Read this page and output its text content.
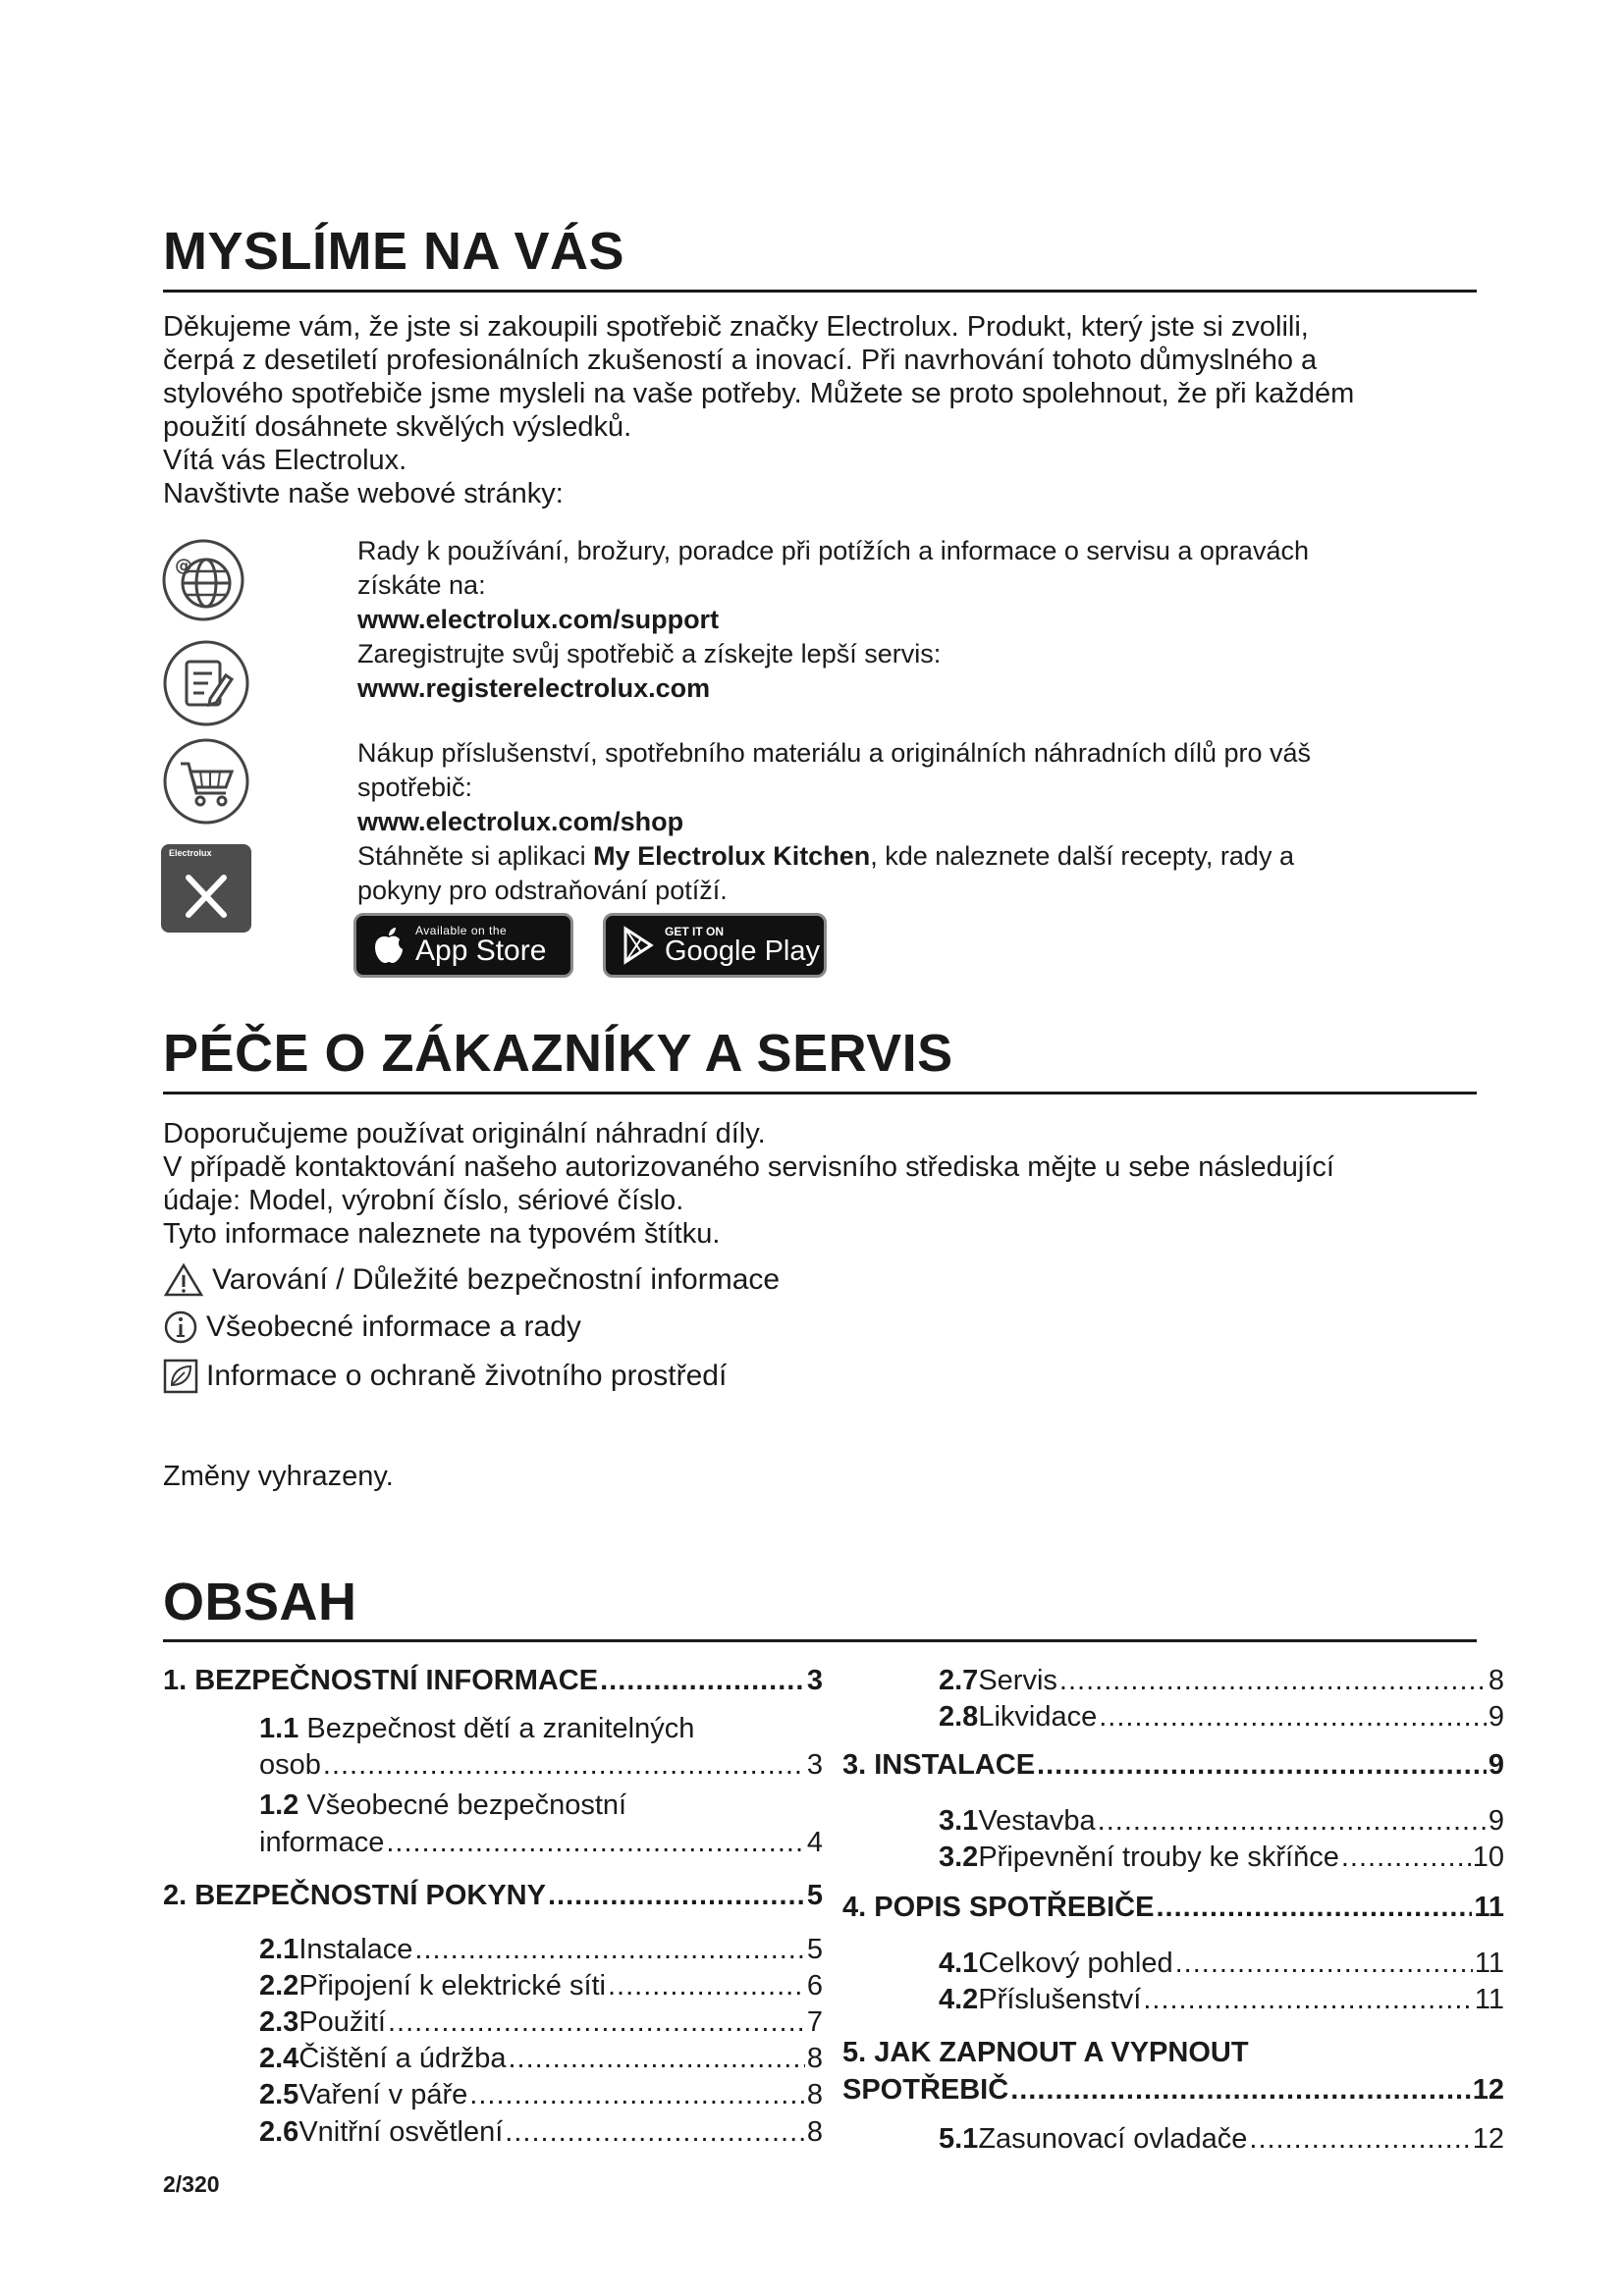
MYSLÍME NA VÁS
Děkujeme vám, že jste si zakoupili spotřebič značky Electrolux. Produkt, který jste si zvolili,
čerpá z desetiletí profesionálních zkušeností a inovací. Při navrhování tohoto důmyslného a
stylového spotřebiče jsme mysleli na vaše potřeby. Můžete se proto spolehnout, že při každém
použití dosáhnete skvělých výsledků.
Vítá vás Electrolux.
Navštivte naše webové stránky:
@
Electrolux
Rady k používání, brožury, poradce při potížích a informace o servisu a opravách
získáte na:
www.electrolux.com/support
Zaregistrujte svůj spotřebič a získejte lepší servis:
www.registerelectrolux.com
Nákup příslušenství, spotřebního materiálu a originálních náhradních dílů pro váš
spotřebič:
www.electrolux.com/shop
Stáhněte si aplikaci My Electrolux Kitchen, kde naleznete další recepty, rady a
pokyny pro odstraňování potíží.
Available on the
App Store
GET IT ON
Google Play
PÉČE O ZÁKAZNÍKY A SERVIS
Doporučujeme používat originální náhradní díly.
V případě kontaktování našeho autorizovaného servisního střediska mějte u sebe následující
údaje: Model, výrobní číslo, sériové číslo.
Tyto informace naleznete na typovém štítku.
Varování / Důležité bezpečnostní informace
Všeobecné informace a rady
Informace o ochraně životního prostředí
Změny vyhrazeny.
OBSAH
1. BEZPEČNOSTNÍ INFORMACE .....	3
1.1 Bezpečnost dětí a zranitelných
osob .....	3
1.2 Všeobecné bezpečnostní
informace .....	4
2. BEZPEČNOSTNÍ POKYNY .....	5
2.1 Instalace .....	5
2.2 Připojení k elektrické síti .....	6
2.3 Použití .....	7
2.4 Čištění a údržba .....	8
2.5 Vaření v páře .....	8
2.6 Vnitřní osvětlení .....	8
2.7 Servis .....	8
2.8 Likvidace .....	9
3. INSTALACE .....	9
3.1 Vestavba .....	9
3.2 Připevnění trouby ke skříňce .....	10
4. POPIS SPOTŘEBIČE .....	11
4.1 Celkový pohled .....	11
4.2 Příslušenství .....	11
5. JAK ZAPNOUT A VYPNOUT
SPOTŘEBIČ .....	12
5.1 Zasunovací ovladače .....	12
2/320
